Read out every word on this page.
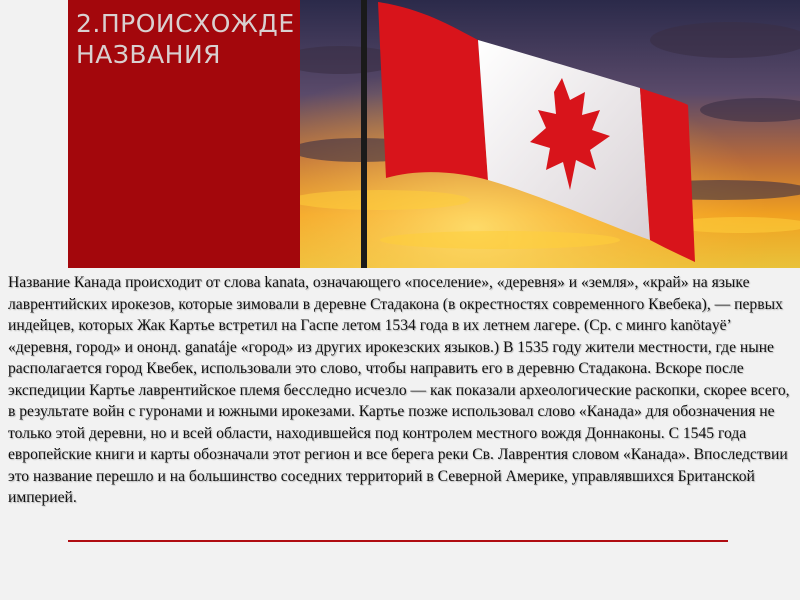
2.ПРОИСХОЖДЕ
НАЗВАНИЯ

Название Канада происходит от слова kanata, означающего «поселение», «деревня» и «земля», «край» на языке лаврентийских ирокезов, которые зимовали в деревне Стадакона (в окрестностях современного Квебека), — первых индейцев, которых Жак Картье встретил на Гаспе летом 1534 года в их летнем лагере. (Ср. с минго kanötayë’ «деревня, город» и ононд. ganatáje «город» из других ирокезских языков.) В 1535 году жители местности, где ныне располагается город Квебек, использовали это слово, чтобы направить его в деревню Стадакона. Вскоре после экспедиции Картье лаврентийское племя бесследно исчезло — как показали археологические раскопки, скорее всего, в результате войн с гуронами и южными ирокезами. Картье позже использовал слово «Канада» для обозначения не только этой деревни, но и всей области, находившейся под контролем местного вождя Доннаконы. С 1545 года европейские книги и карты обозначали этот регион и все берега реки Св. Лаврентия словом «Канада». Впоследствии это название перешло и на большинство соседних территорий в Северной Америке, управлявшихся Британской империей.
